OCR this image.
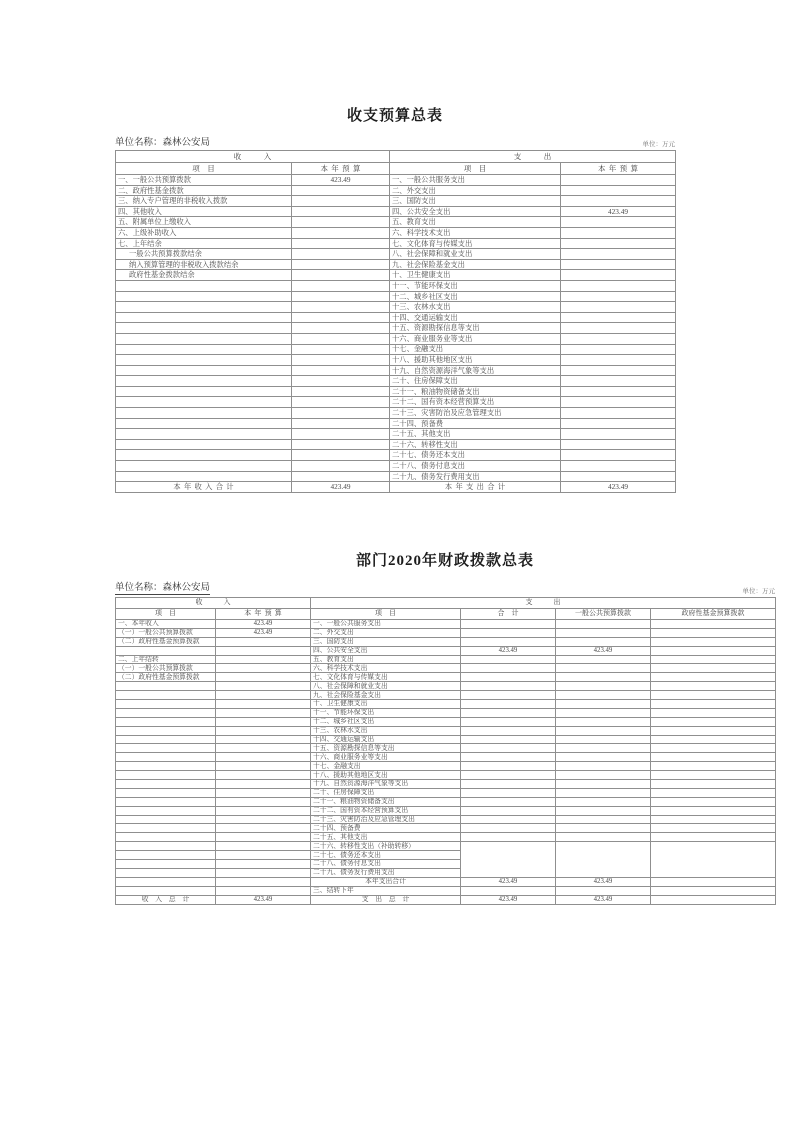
收支预算总表
单位名称：森林公安局	单位：万元
收入		支出	
项目	本年预算	项目	本年预算
一、一般公共预算拨款	423.49	一、一般公共服务支出	
二、政府性基金拨款		二、外交支出	
三、纳入专户管理的非税收入拨款		三、国防支出	
四、其他收入		四、公共安全支出	423.49
五、附属单位上缴收入		五、教育支出	
六、上级补助收入		六、科学技术支出	
七、上年结余		七、文化体育与传媒支出	
一般公共预算拨款结余		八、社会保障和就业支出	
纳入预算管理的非税收入拨款结余		九、社会保险基金支出	
政府性基金拨款结余		十、卫生健康支出	
		十一、节能环保支出	
		十二、城乡社区支出	
		十三、农林水支出	
		十四、交通运输支出	
		十五、资源勘探信息等支出	
		十六、商业服务业等支出	
		十七、金融支出	
		十八、援助其他地区支出	
		十九、自然资源海洋气象等支出	
		二十、住房保障支出	
		二十一、粮油物资储备支出	
		二十二、国有资本经营预算支出	
		二十三、灾害防治及应急管理支出	
		二十四、预备费	
		二十五、其他支出	
		二十六、转移性支出	
		二十七、债务还本支出	
		二十八、债务付息支出	
		二十九、债务发行费用支出	
本年收入合计	423.49	本年支出合计	423.49
部门2020年财政拨款总表
单位名称：森林公安局	单位：万元
收入		支出			
项目	本年预算	项目	合计	一般公共预算拨款	政府性基金预算拨款
一、本年收入	423.49	一、一般公共服务支出			
（一）一般公共预算拨款	423.49	二、外交支出			
（二）政府性基金预算拨款		三、国防支出			
		四、公共安全支出	423.49	423.49	
二、上年结转		五、教育支出			
（一）一般公共预算拨款		六、科学技术支出			
（二）政府性基金预算拨款		七、文化体育与传媒支出			
		八、社会保障和就业支出			
		九、社会保险基金支出			
		十、卫生健康支出			
		十一、节能环保支出			
		十二、城乡社区支出			
		十三、农林水支出			
		十四、交通运输支出			
		十五、资源勘探信息等支出			
		十六、商业服务业等支出			
		十七、金融支出			
		十八、援助其他地区支出			
		十九、自然资源海洋气象等支出			
		二十、住房保障支出			
		二十一、粮油物资储备支出			
		二十二、国有资本经营预算支出			
		二十三、灾害防治及应急管理支出			
		二十四、预备费			
		二十五、其他支出			
		二十六、转移性支出（补助转移）			
		二十七、债务还本支出			
		二十八、债务付息支出			
		二十九、债务发行费用支出			
		本年支出合计	423.49	423.49	
		三、结转下年			
收入总计	423.49	支出总计	423.49	423.49	
